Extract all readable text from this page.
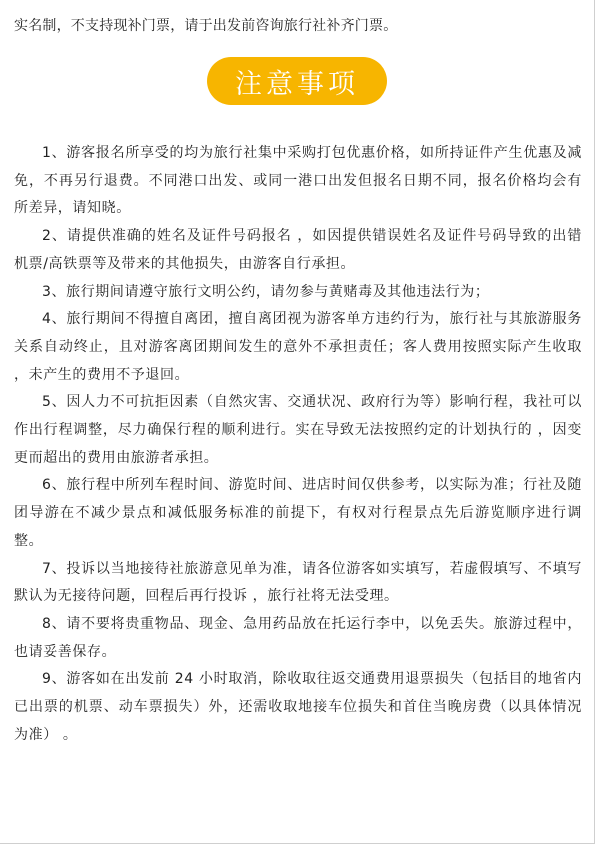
实名制，不支持现补门票，请于出发前咨询旅行社补齐门票。
注意事项

1、游客报名所享受的均为旅行社集中采购打包优惠价格，如所持证件产生优惠及减免，不再另行退费。不同港口出发、或同一港口出发但报名日期不同，报名价格均会有所差异，请知晓。

2、请提供准确的姓名及证件号码报名 ，如因提供错误姓名及证件号码导致的出错机票/高铁票等及带来的其他损失，由游客自行承担。

3、旅行期间请遵守旅行文明公约，请勿参与黄赌毒及其他违法行为；

4、旅行期间不得擅自离团，擅自离团视为游客单方违约行为，旅行社与其旅游服务关系自动终止，且对游客离团期间发生的意外不承担责任；客人费用按照实际产生收取 ，未产生的费用不予退回。

5、因人力不可抗拒因素（自然灾害、交通状况、政府行为等）影响行程，我社可以作出行程调整，尽力确保行程的顺利进行。实在导致无法按照约定的计划执行的 ，因变更而超出的费用由旅游者承担。

6、旅行程中所列车程时间、游览时间、进店时间仅供参考，以实际为准；行社及随团导游在不减少景点和减低服务标准的前提下，有权对行程景点先后游览顺序进行调整。

7、投诉以当地接待社旅游意见单为准，请各位游客如实填写，若虚假填写、不填写默认为无接待问题，回程后再行投诉 ，旅行社将无法受理。

8、请不要将贵重物品、现金、急用药品放在托运行李中，以免丢失。旅游过程中，也请妥善保存。

9、游客如在出发前 24 小时取消，除收取往返交通费用退票损失（包括目的地省内已出票的机票、动车票损失）外，还需收取地接车位损失和首住当晚房费（以具体情况为准） 。
